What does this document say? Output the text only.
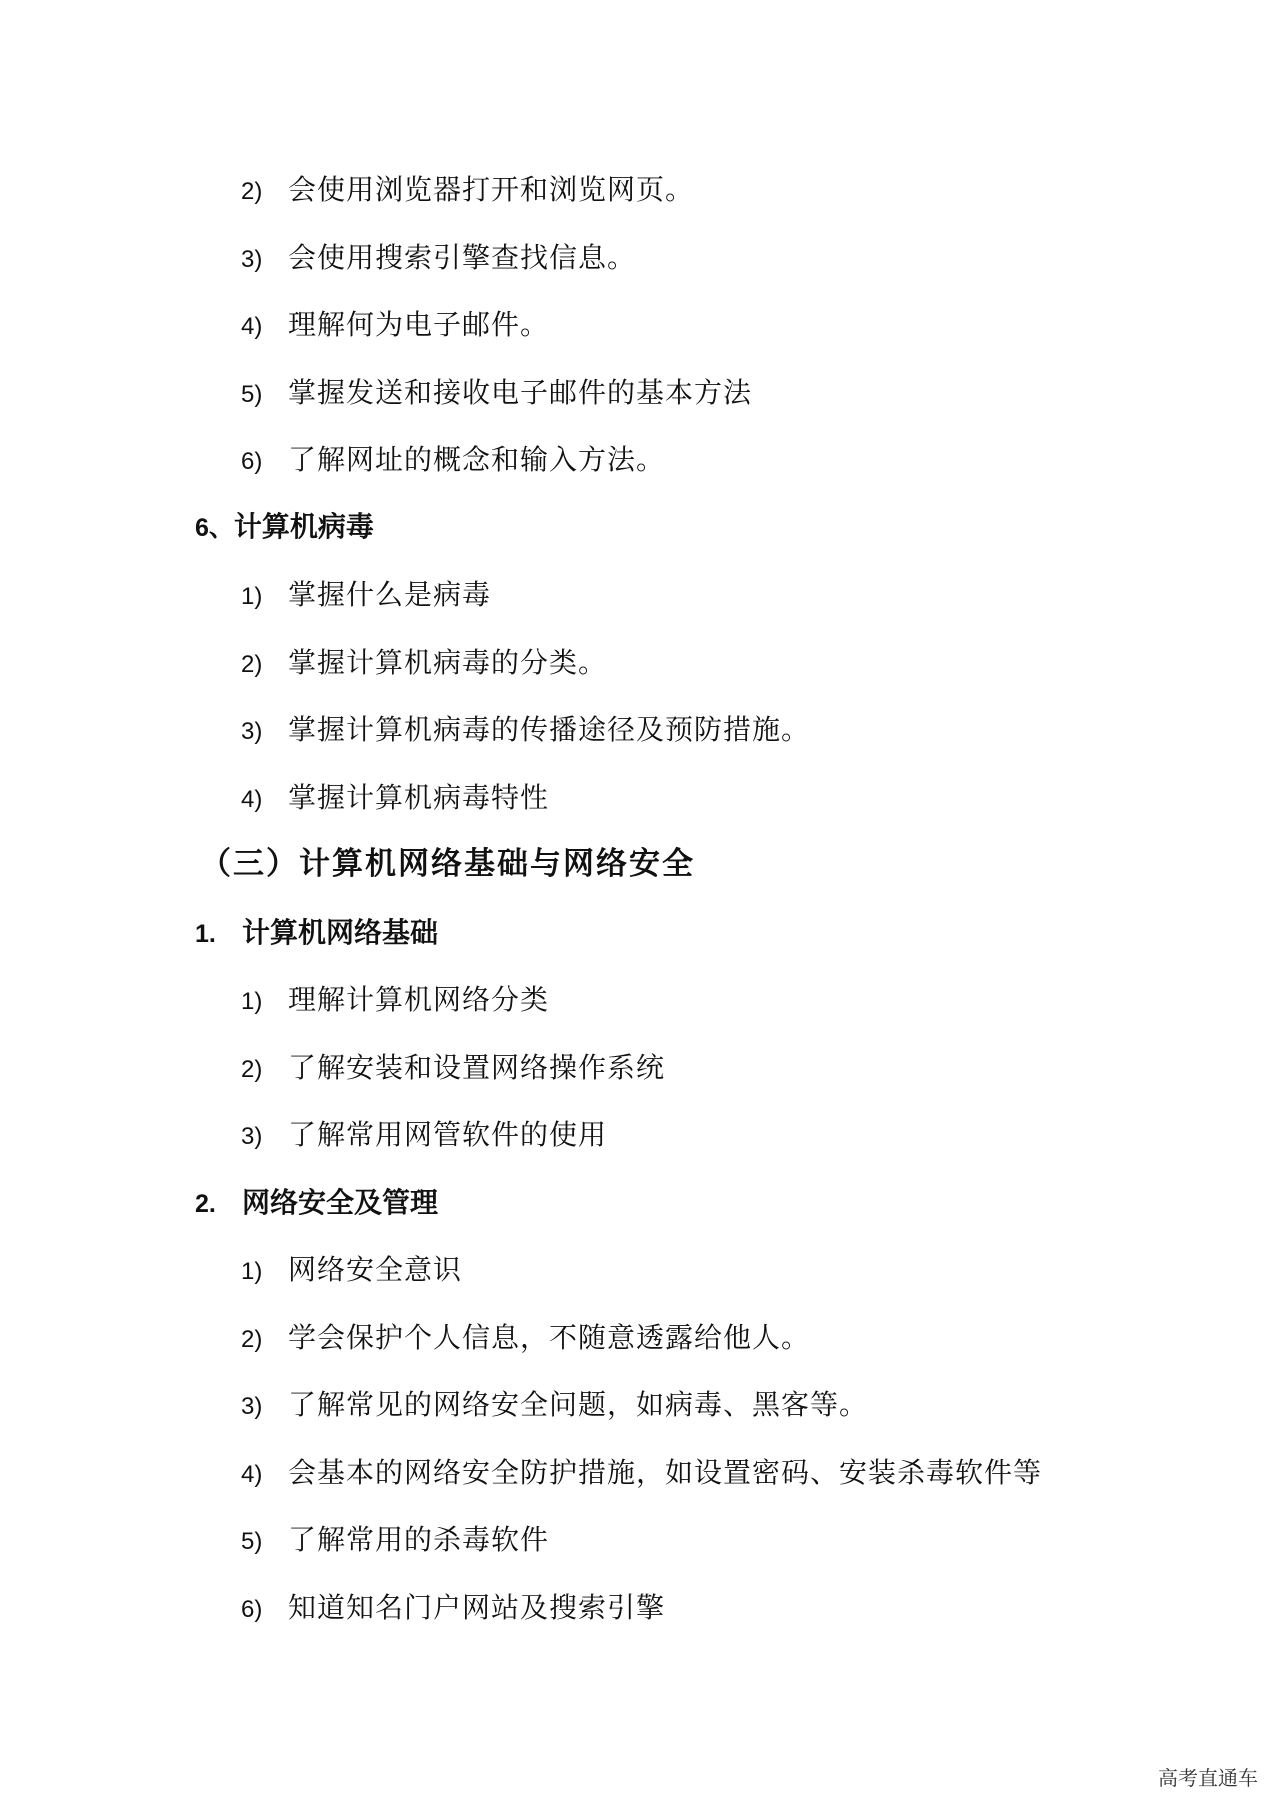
2) 会使用浏览器打开和浏览网页。
3) 会使用搜索引擎查找信息。
4) 理解何为电子邮件。
5) 掌握发送和接收电子邮件的基本方法
6) 了解网址的概念和输入方法。
6、计算机病毒
1) 掌握什么是病毒
2) 掌握计算机病毒的分类。
3) 掌握计算机病毒的传播途径及预防措施。
4) 掌握计算机病毒特性
（三）计算机网络基础与网络安全
1. 计算机网络基础
1) 理解计算机网络分类
2) 了解安装和设置网络操作系统
3) 了解常用网管软件的使用
2. 网络安全及管理
1) 网络安全意识
2) 学会保护个人信息，不随意透露给他人。
3) 了解常见的网络安全问题，如病毒、黑客等。
4) 会基本的网络安全防护措施，如设置密码、安装杀毒软件等
5) 了解常用的杀毒软件
6) 知道知名门户网站及搜索引擎
高考直通车
